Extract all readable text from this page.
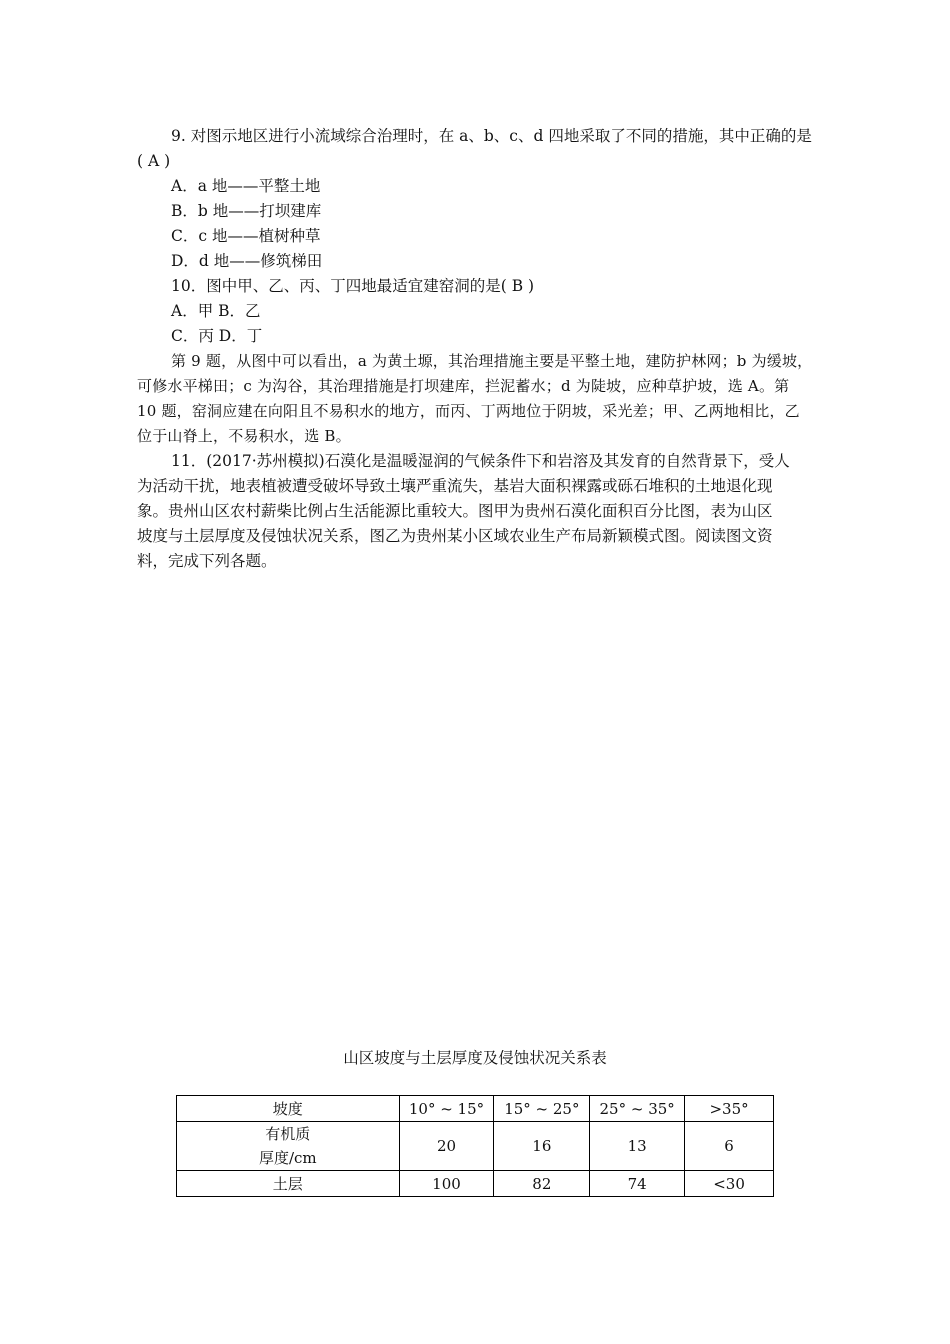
9. 对图示地区进行小流域综合治理时，在 a、b、c、d 四地采取了不同的措施，其中正确的是
( A )
A．a 地——平整土地
B．b 地——打坝建库
C．c 地——植树种草
D．d 地——修筑梯田
10．图中甲、乙、丙、丁四地最适宜建窑洞的是( B )
A．甲 B．乙
C．丙 D．丁
第 9 题，从图中可以看出，a 为黄土塬，其治理措施主要是平整土地，建防护林网；b 为缓坡，
可修水平梯田；c 为沟谷，其治理措施是打坝建库，拦泥蓄水；d 为陡坡，应种草护坡，选 A。第
10 题，窑洞应建在向阳且不易积水的地方，而丙、丁两地位于阴坡，采光差；甲、乙两地相比，乙
位于山脊上，不易积水，选 B。
11．(2017·苏州模拟)石漠化是温暖湿润的气候条件下和岩溶及其发育的自然背景下，受人
为活动干扰，地表植被遭受破坏导致土壤严重流失，基岩大面积裸露或砾石堆积的土地退化现
象。贵州山区农村薪柴比例占生活能源比重较大。图甲为贵州石漠化面积百分比图，表为山区
坡度与土层厚度及侵蚀状况关系，图乙为贵州某小区域农业生产布局新颖模式图。阅读图文资
料，完成下列各题。
山区坡度与土层厚度及侵蚀状况关系表
坡度	10° ~ 15°	15° ~ 25°	25° ~ 35°	>35°

有机质
厚度/cm	20	16	13	6
土层	100	82	74	<30
